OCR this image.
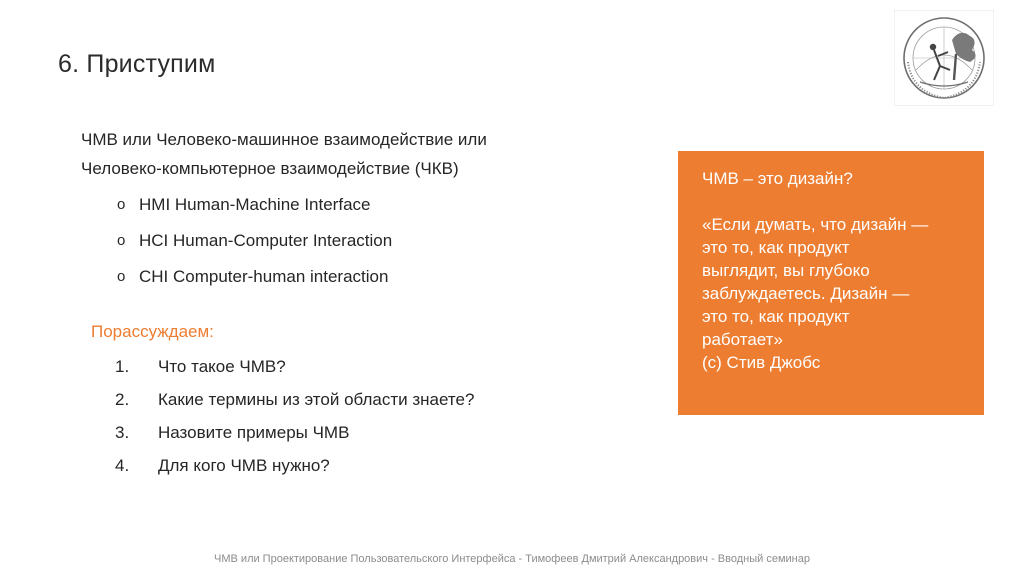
6. Приступим

ЧМВ или Человеко-машинное взаимодействие или

Человеко-компьютерное взаимодействие (ЧКВ)

o HMI Human-Machine Interface
o HCI Human-Computer Interaction
o CHI Computer-human interaction

Порассуждаем:

1. Что такое ЧМВ?
2. Какие термины из этой области знаете?
3. Назовите примеры ЧМВ
4. Для кого ЧМВ нужно?

ЧМВ – это дизайн?

«Если думать, что дизайн —

это то, как продукт

выглядит, вы глубоко

заблуждаетесь. Дизайн —

это то, как продукт

работает»

(c) Стив Джобс

ЧМВ или Проектирование Пользовательского Интерфейса - Тимофеев Дмитрий Александрович - Вводный семинар
